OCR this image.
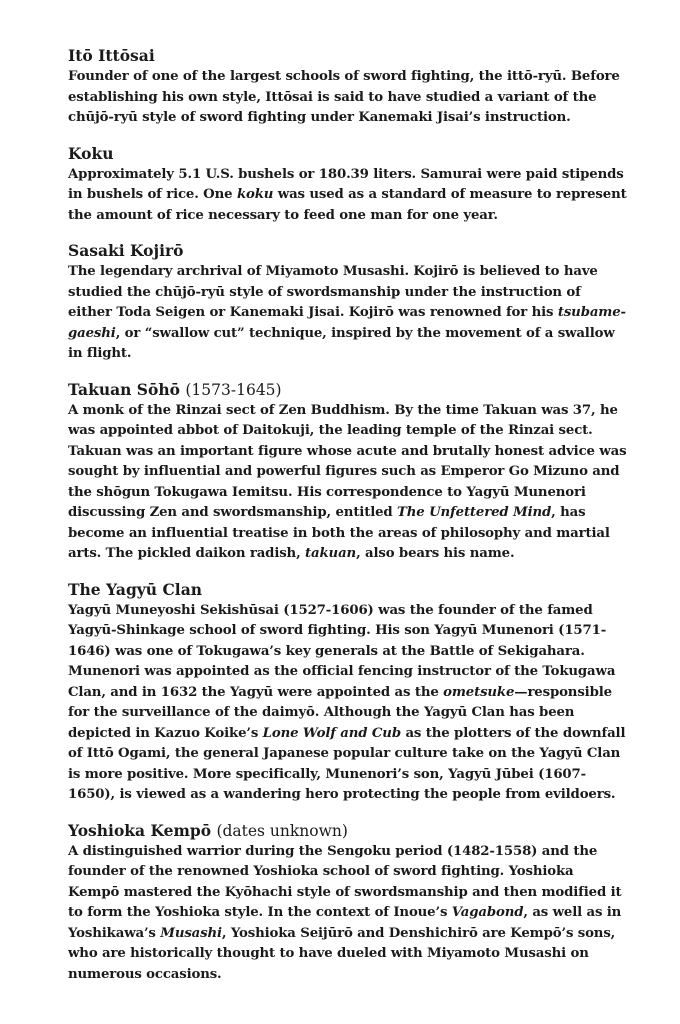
Itō Ittōsai

Founder of one of the largest schools of sword fighting, the ittō-ryū. Before establishing his own style, Ittōsai is said to have studied a variant of the chūjō-ryū style of sword fighting under Kanemaki Jisai’s instruction.

Koku

Approximately 5.1 U.S. bushels or 180.39 liters. Samurai were paid stipends in bushels of rice. One koku was used as a standard of measure to represent the amount of rice necessary to feed one man for one year.

Sasaki Kojirō

The legendary archrival of Miyamoto Musashi. Kojirō is believed to have studied the chūjō-ryū style of swordsmanship under the instruction of either Toda Seigen or Kanemaki Jisai. Kojirō was renowned for his tsubame-gaeshi, or “swallow cut” technique, inspired by the movement of a swallow in flight.

Takuan Sōhō (1573-1645)

A monk of the Rinzai sect of Zen Buddhism. By the time Takuan was 37, he was appointed abbot of Daitokuji, the leading temple of the Rinzai sect. Takuan was an important figure whose acute and brutally honest advice was sought by influential and powerful figures such as Emperor Go Mizuno and the shōgun Tokugawa Iemitsu. His correspondence to Yagyū Munenori discussing Zen and swordsmanship, entitled The Unfettered Mind, has become an influential treatise in both the areas of philosophy and martial arts. The pickled daikon radish, takuan, also bears his name.

The Yagyū Clan

Yagyū Muneyoshi Sekishūsai (1527-1606) was the founder of the famed Yagyū-Shinkage school of sword fighting. His son Yagyū Munenori (1571-1646) was one of Tokugawa’s key generals at the Battle of Sekigahara. Munenori was appointed as the official fencing instructor of the Tokugawa Clan, and in 1632 the Yagyū were appointed as the ometsuke—responsible for the surveillance of the daimyō. Although the Yagyū Clan has been depicted in Kazuo Koike’s Lone Wolf and Cub as the plotters of the downfall of Ittō Ogami, the general Japanese popular culture take on the Yagyū Clan is more positive. More specifically, Munenori’s son, Yagyū Jūbei (1607-1650), is viewed as a wandering hero protecting the people from evildoers.

Yoshioka Kempō (dates unknown)

A distinguished warrior during the Sengoku period (1482-1558) and the founder of the renowned Yoshioka school of sword fighting. Yoshioka Kempō mastered the Kyōhachi style of swordsmanship and then modified it to form the Yoshioka style. In the context of Inoue’s Vagabond, as well as in Yoshikawa’s Musashi, Yoshioka Seijūrō and Denshichirō are Kempō’s sons, who are historically thought to have dueled with Miyamoto Musashi on numerous occasions.
